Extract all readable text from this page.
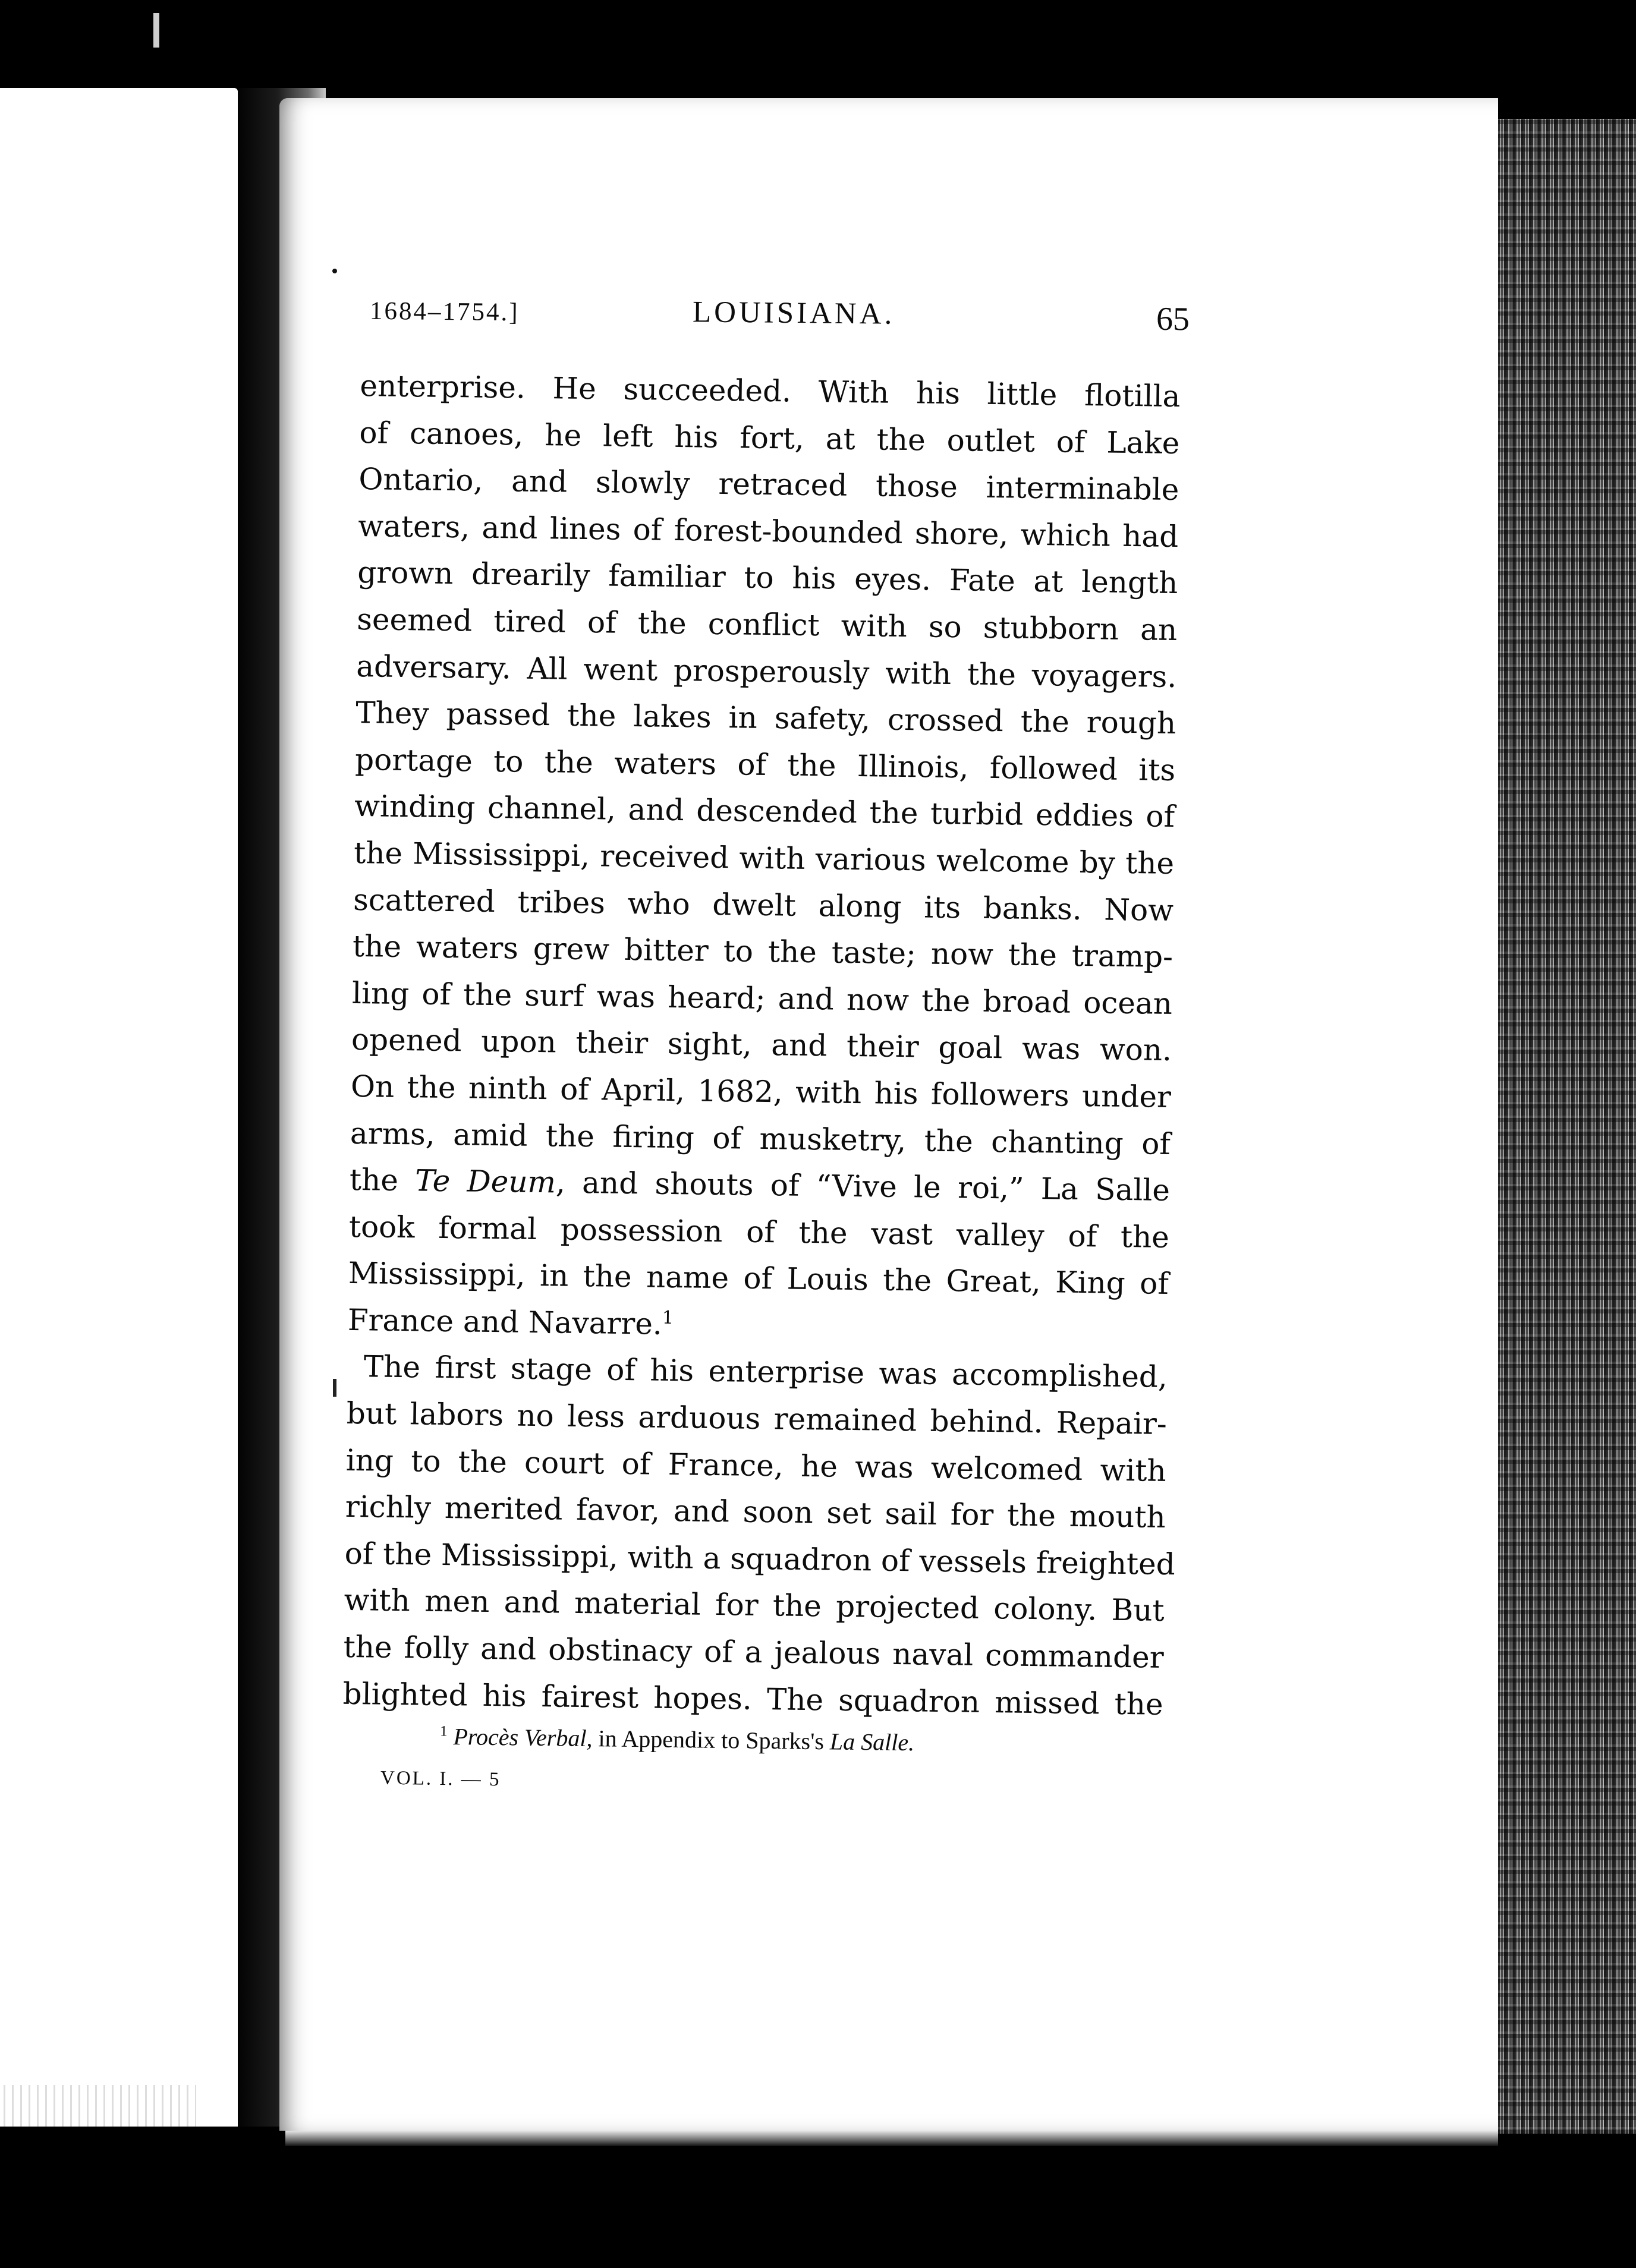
1684–1754.]	LOUISIANA.	65
enterprise. He succeeded. With his little flotilla
of canoes, he left his fort, at the outlet of Lake
Ontario, and slowly retraced those interminable
waters, and lines of forest-bounded shore, which had
grown drearily familiar to his eyes. Fate at length
seemed tired of the conflict with so stubborn an
adversary. All went prosperously with the voyagers.
They passed the lakes in safety, crossed the rough
portage to the waters of the Illinois, followed its
winding channel, and descended the turbid eddies of
the Mississippi, received with various welcome by the
scattered tribes who dwelt along its banks. Now
the waters grew bitter to the taste; now the tramp-
ling of the surf was heard; and now the broad ocean
opened upon their sight, and their goal was won.
On the ninth of April, 1682, with his followers under
arms, amid the firing of musketry, the chanting of
the Te Deum, and shouts of “Vive le roi,” La Salle
took formal possession of the vast valley of the
Mississippi, in the name of Louis the Great, King of
France and Navarre.$^1$
The first stage of his enterprise was accomplished,
but labors no less arduous remained behind. Repair-
ing to the court of France, he was welcomed with
richly merited favor, and soon set sail for the mouth
of the Mississippi, with a squadron of vessels freighted
with men and material for the projected colony. But
the folly and obstinacy of a jealous naval commander
blighted his fairest hopes. The squadron missed the
$^1$ Procès Verbal, in Appendix to Sparks's La Salle.
VOL. I. — 5
